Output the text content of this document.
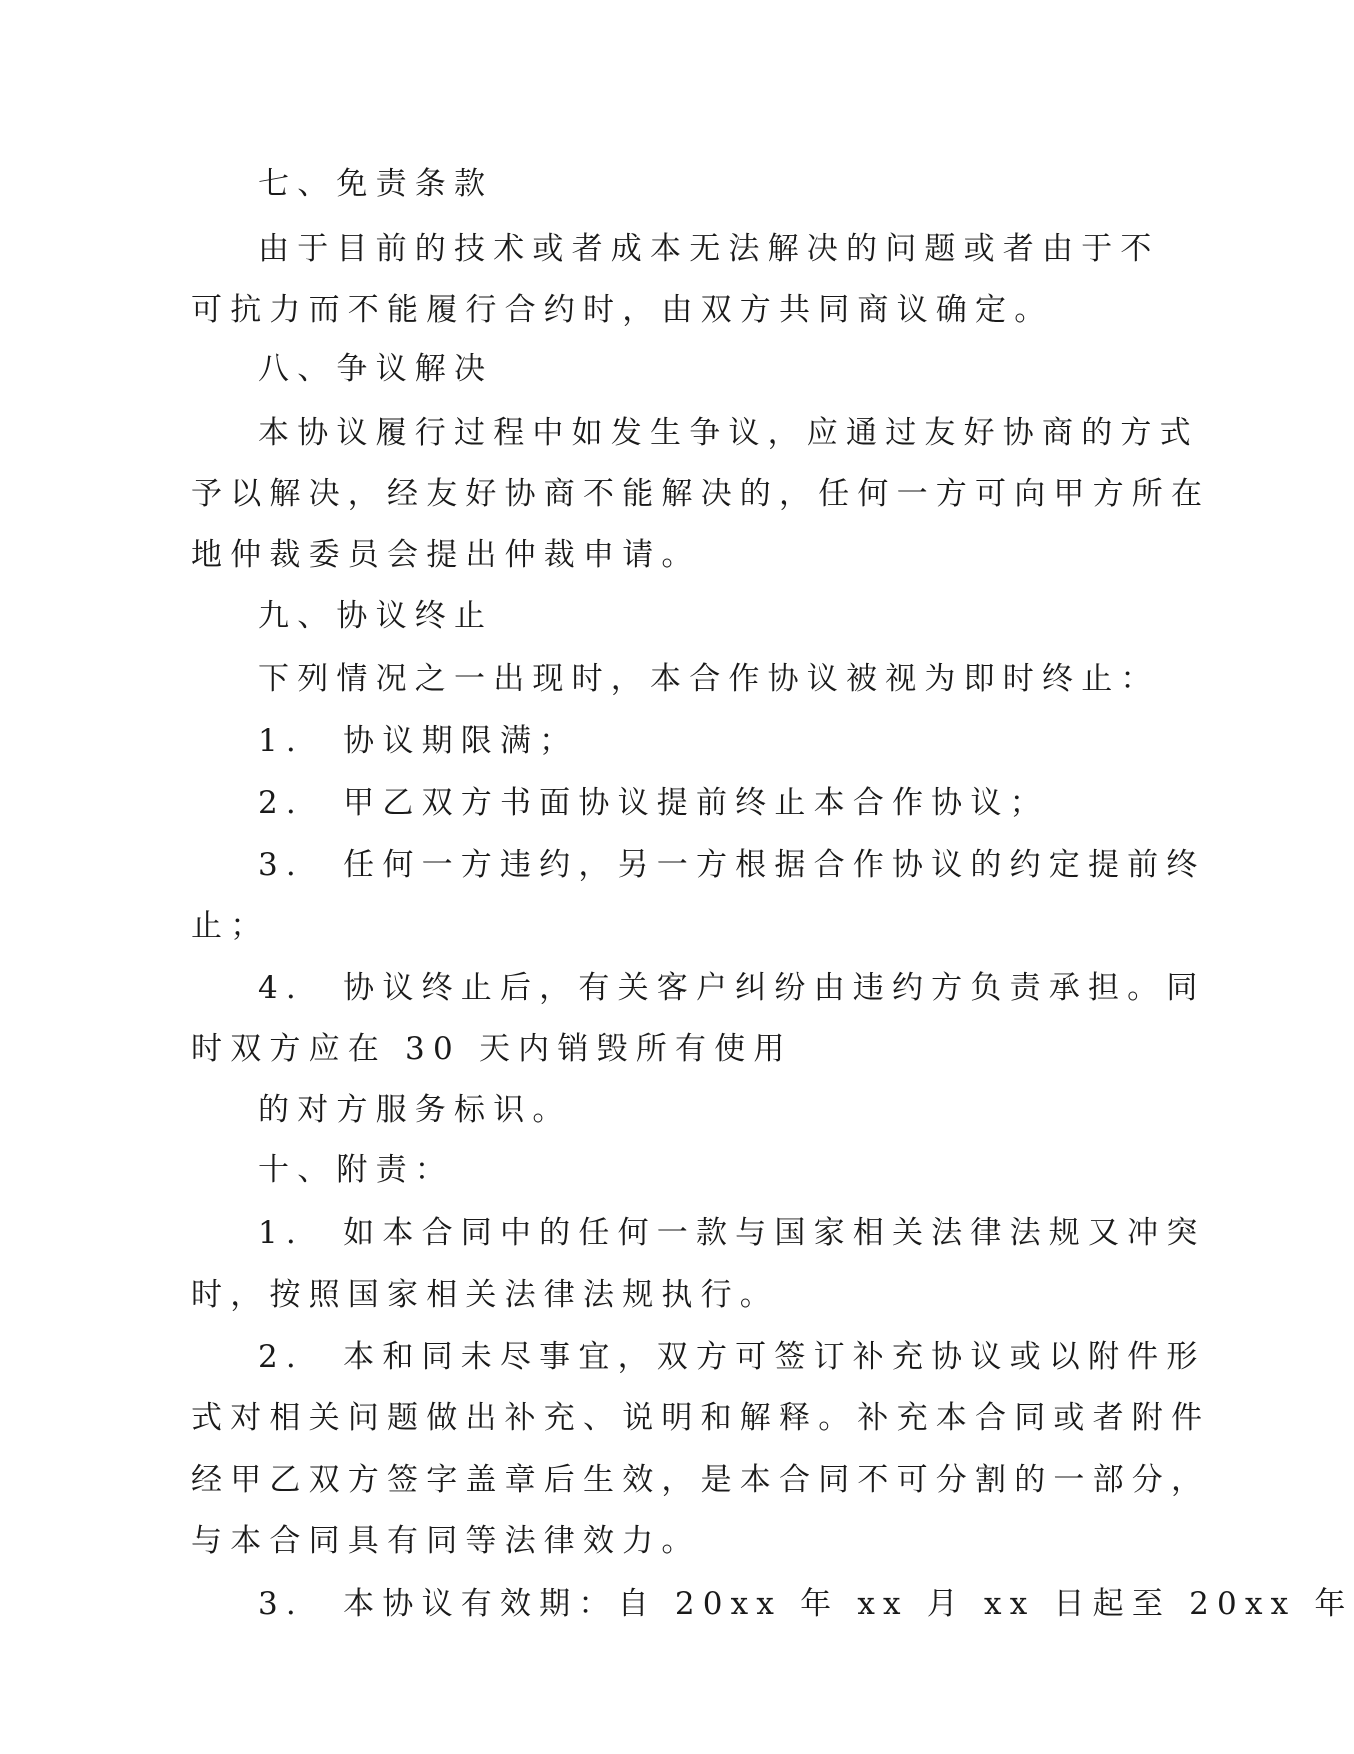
七、免责条款
由于目前的技术或者成本无法解决的问题或者由于不
可抗力而不能履行合约时，由双方共同商议确定。
八、争议解决
本协议履行过程中如发生争议，应通过友好协商的方式
予以解决，经友好协商不能解决的，任何一方可向甲方所在
地仲裁委员会提出仲裁申请。
九、协议终止
下列情况之一出现时，本合作协议被视为即时终止：
1.　协议期限满；
2.　甲乙双方书面协议提前终止本合作协议；
3.　任何一方违约，另一方根据合作协议的约定提前终
止；
4.　协议终止后，有关客户纠纷由违约方负责承担。同
时双方应在 30 天内销毁所有使用
的对方服务标识。
十、附责：
1.　如本合同中的任何一款与国家相关法律法规又冲突
时，按照国家相关法律法规执行。
2.　本和同未尽事宜，双方可签订补充协议或以附件形
式对相关问题做出补充、说明和解释。补充本合同或者附件
经甲乙双方签字盖章后生效，是本合同不可分割的一部分，
与本合同具有同等法律效力。
3.　本协议有效期：自 20xx 年 xx 月 xx 日起至 20xx 年
